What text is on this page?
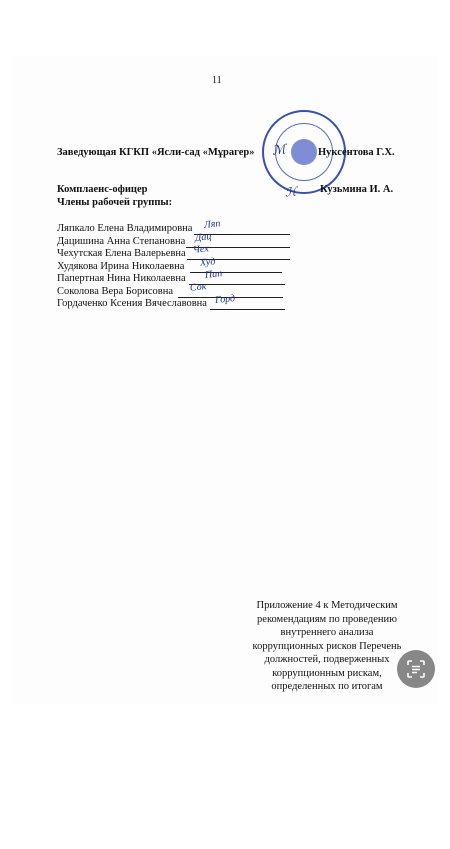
11
Заведующая КГКП «Ясли-сад «Мұрагер» ℳ	Нуксентова Г.Х.
Комплаенс-офицер	ℋ Кузьмина И. А.
Члены рабочей группы:
Ляпкало Елена Владимировна Ляп
Дацишина Анна Степановна Дац
Чехутская Елена Валерьевна Чех
Худякова Ирина Николаевна Худ
Папертная Нина Николаевна Пап
Соколова Вера Борисовна Сок
Гордаченко Ксения Вячеславовна Горд
Приложение 4 к Методическим рекомендациям по проведению внутреннего анализа коррупционных рисков Перечень должностей, подверженных коррупционным рискам, определенных по итогам
